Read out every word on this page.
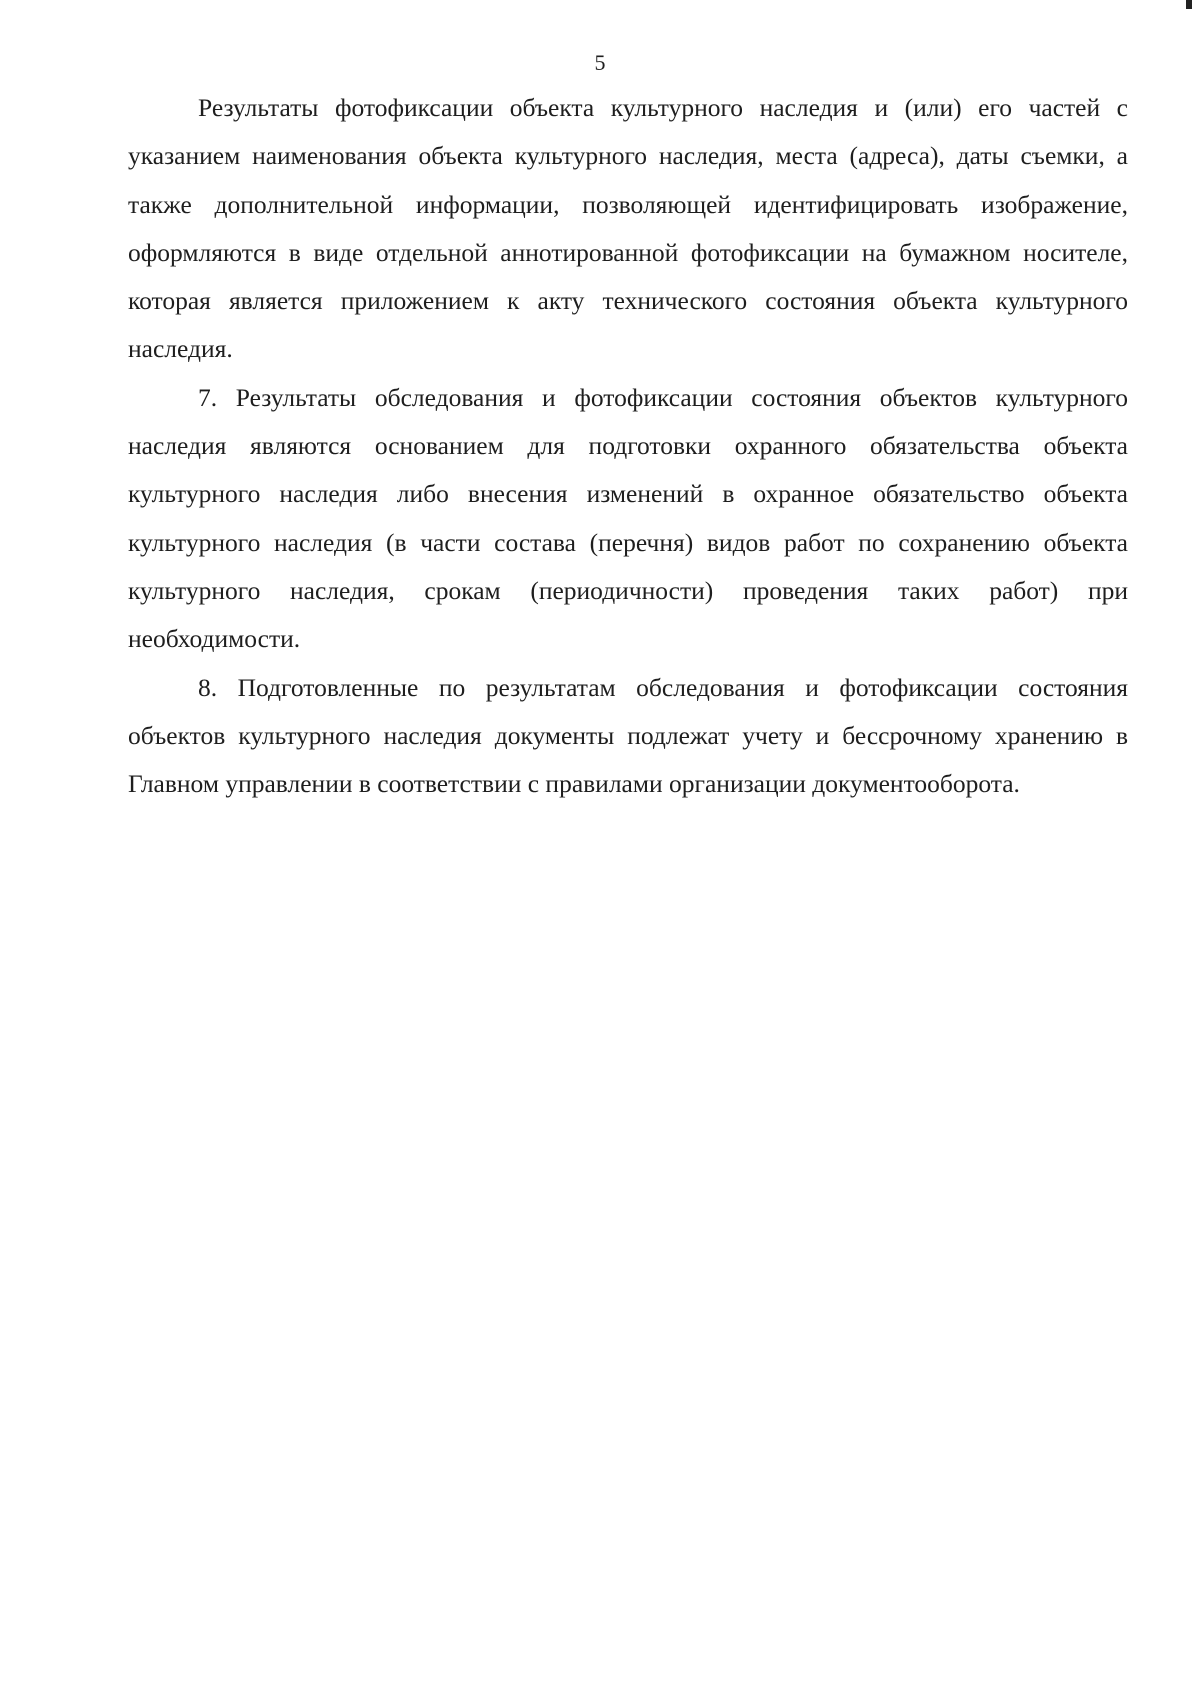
5

Результаты фотофиксации объекта культурного наследия и (или) его частей с указанием наименования объекта культурного наследия, места (адреса), даты съемки, а также дополнительной информации, позволяющей идентифицировать изображение, оформляются в виде отдельной аннотированной фотофиксации на бумажном носителе, которая является приложением к акту технического состояния объекта культурного наследия.

7. Результаты обследования и фотофиксации состояния объектов культурного наследия являются основанием для подготовки охранного обязательства объекта культурного наследия либо внесения изменений в охранное обязательство объекта культурного наследия (в части состава (перечня) видов работ по сохранению объекта культурного наследия, срокам (периодичности) проведения таких работ) при необходимости.

8. Подготовленные по результатам обследования и фотофиксации состояния объектов культурного наследия документы подлежат учету и бессрочному хранению в Главном управлении в соответствии с правилами организации документооборота.
